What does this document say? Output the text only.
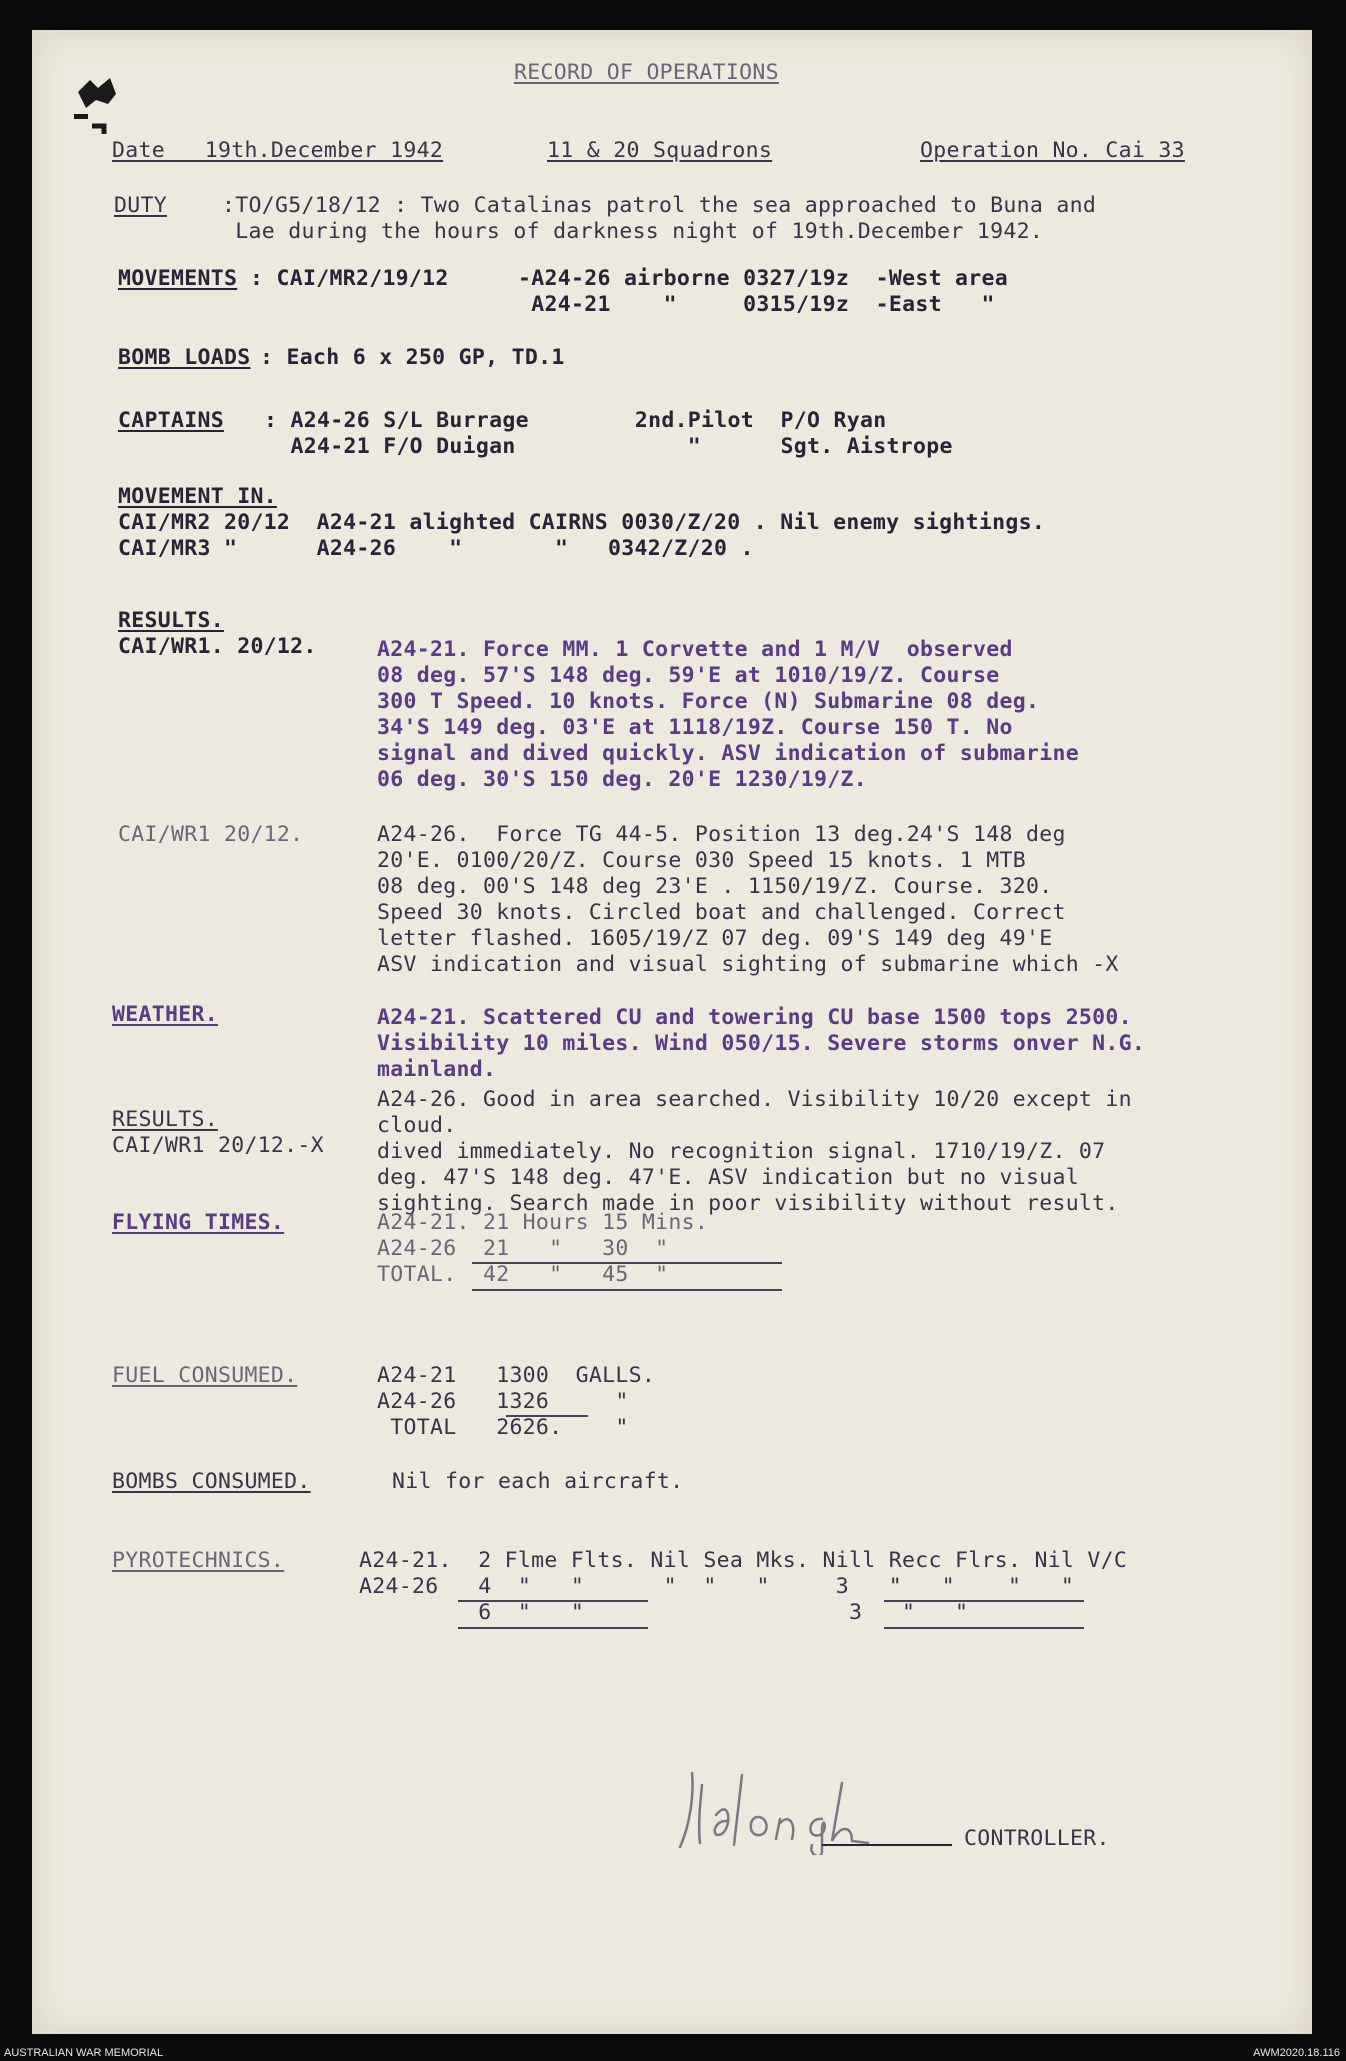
RECORD OF OPERATIONS
Date   19th.December 1942	11 & 20 Squadrons	Operation No. Cai 33
DUTY	:TO/G5/18/12 : Two Catalinas patrol the sea approached to Buna and
Lae during the hours of darkness night of 19th.December 1942.
MOVEMENTS : CAI/MR2/19/12	-A24-26 airborne 0327/19z  -West area
A24-21    "     0315/19z  -East   "
BOMB LOADS : Each 6 x 250 GP, TD.1
CAPTAINS : A24-26 S/L Burrage        2nd.Pilot  P/O Ryan
A24-21 F/O Duigan             "      Sgt. Aistrope
MOVEMENT IN.
CAI/MR2 20/12  A24-21 alighted CAIRNS 0030/Z/20 . Nil enemy sightings.
CAI/MR3 "      A24-26    "       "   0342/Z/20 .
RESULTS.
CAI/WR1. 20/12.	A24-21. Force MM. 1 Corvette and 1 M/V  observed
08 deg. 57'S 148 deg. 59'E at 1010/19/Z. Course
300 T Speed. 10 knots. Force (N) Submarine 08 deg.
34'S 149 deg. 03'E at 1118/19Z. Course 150 T. No
signal and dived quickly. ASV indication of submarine
06 deg. 30'S 150 deg. 20'E 1230/19/Z.
CAI/WR1 20/12.	A24-26.  Force TG 44-5. Position 13 deg.24'S 148 deg
20'E. 0100/20/Z. Course 030 Speed 15 knots. 1 MTB
08 deg. 00'S 148 deg 23'E . 1150/19/Z. Course. 320.
Speed 30 knots. Circled boat and challenged. Correct
letter flashed. 1605/19/Z 07 deg. 09'S 149 deg 49'E
ASV indication and visual sighting of submarine which -X
WEATHER.	A24-21. Scattered CU and towering CU base 1500 tops 2500.
Visibility 10 miles. Wind 050/15. Severe storms onver N.G.
mainland.
A24-26. Good in area searched. Visibility 10/20 except in
cloud.
RESULTS.
CAI/WR1 20/12.-X dived immediately. No recognition signal. 1710/19/Z. 07
deg. 47'S 148 deg. 47'E. ASV indication but no visual
sighting. Search made in poor visibility without result.
FLYING TIMES.	A24-21. 21 Hours 15 Mins.
A24-26  21   "   30  "
TOTAL.  42   "   45  "
FUEL CONSUMED.	A24-21   1300  GALLS.
A24-26   1326     "
TOTAL   2626.    "
BOMBS CONSUMED.	Nil for each aircraft.
PYROTECHNICS.	A24-21.  2 Flme Flts. Nil Sea Mks. Nill Recc Flrs. Nil V/C
A24-26   4  "   "      "  "   "     3   "   "    "   "
6  "   "                    3   "   "
CONTROLLER.
AUSTRALIAN WAR MEMORIAL	AWM2020.18.116
